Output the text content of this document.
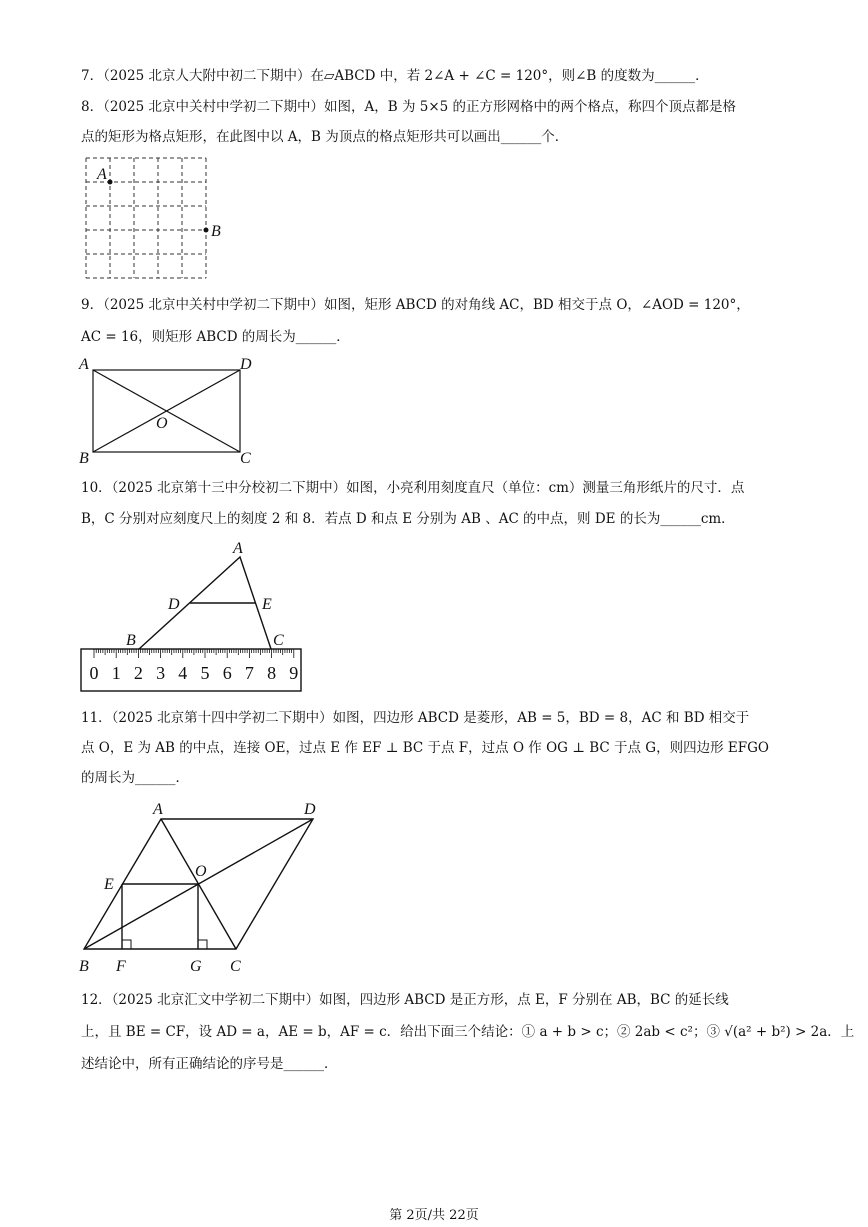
7．（2025 北京人大附中初二下期中）在▱ABCD 中，若 2∠A + ∠C = 120°，则∠B 的度数为______．
8．（2025 北京中关村中学初二下期中）如图，A，B 为 5×5 的正方形网格中的两个格点，称四个顶点都是格
点的矩形为格点矩形，在此图中以 A，B 为顶点的格点矩形共可以画出______个．
A
B
9．（2025 北京中关村中学初二下期中）如图，矩形 ABCD 的对角线 AC，BD 相交于点 O，∠AOD = 120°，
AC = 16，则矩形 ABCD 的周长为______．
A	D
B	C
O
10．（2025 北京第十三中分校初二下期中）如图，小亮利用刻度直尺（单位：cm）测量三角形纸片的尺寸．点
B，C 分别对应刻度尺上的刻度 2 和 8．若点 D 和点 E 分别为 AB 、AC 的中点，则 DE 的长为______cm．
0 1 2 3 4 5 6 7 8 9
A
D	E
B	C
11．（2025 北京第十四中学初二下期中）如图，四边形 ABCD 是菱形，AB = 5，BD = 8，AC 和 BD 相交于
点 O，E 为 AB 的中点，连接 OE，过点 E 作 EF ⊥ BC 于点 F，过点 O 作 OG ⊥ BC 于点 G，则四边形 EFGO
的周长为______．
A	D
E
O
B F	G C
12．（2025 北京汇文中学初二下期中）如图，四边形 ABCD 是正方形，点 E，F 分别在 AB，BC 的延长线
上，且 BE = CF，设 AD = a，AE = b，AF = c．给出下面三个结论：① a + b > c；② 2ab < c²；③ √(a² + b²) > 2a．上
述结论中，所有正确结论的序号是______．
第 2页/共 22页
